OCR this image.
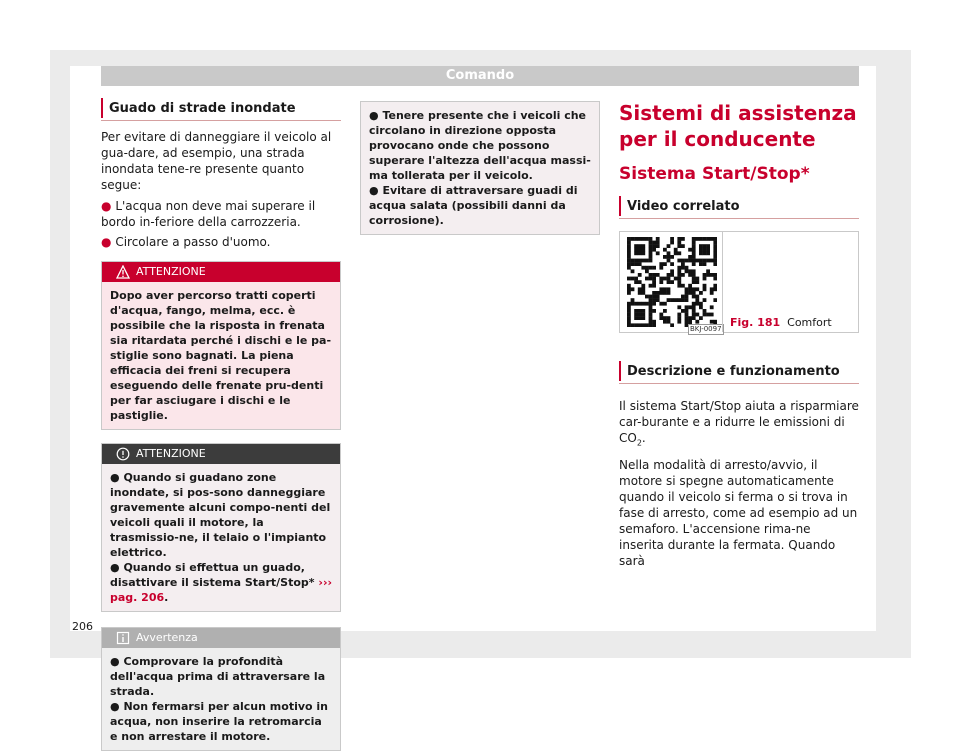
Comando
Guado di strade inondate

Per evitare di danneggiare il veicolo al gua-dare, ad esempio, una strada inondata tene-re presente quanto segue:

● L'acqua non deve mai superare il bordo in-feriore della carrozzeria.

● Circolare a passo d'uomo.

ATTENZIONE
Dopo aver percorso tratti coperti d'acqua, fango, melma, ecc. è possibile che la risposta in frenata sia ritardata perché i dischi e le pa-stiglie sono bagnati. La piena efficacia dei freni si recupera eseguendo delle frenate pru-denti per far asciugare i dischi e le pastiglie.
ATTENZIONE
● Quando si guadano zone inondate, si pos-sono danneggiare gravemente alcuni compo-nenti del veicoli quali il motore, la trasmissio-ne, il telaio o l'impianto elettrico.
● Quando si effettua un guado, disattivare il sistema Start/Stop* ››› pag. 206.
Avvertenza
● Comprovare la profondità dell'acqua prima di attraversare la strada.
● Non fermarsi per alcun motivo in acqua, non inserire la retromarcia e non arrestare il motore.
● Tenere presente che i veicoli che circolano in direzione opposta provocano onde che possono superare l'altezza dell'acqua massi-ma tollerata per il veicolo.
● Evitare di attraversare guadi di acqua salata (possibili danni da corrosione).
Sistemi di assistenza per il conducente
Sistema Start/Stop*
Video correlato
BKJ-0097 Fig. 181 Comfort
Descrizione e funzionamento

Il sistema Start/Stop aiuta a risparmiare car-burante e a ridurre le emissioni di $CO_2$.

Nella modalità di arresto/avvio, il motore si spegne automaticamente quando il veicolo si ferma o si trova in fase di arresto, come ad esempio ad un semaforo. L'accensione rima-ne inserita durante la fermata. Quando sarà

206
